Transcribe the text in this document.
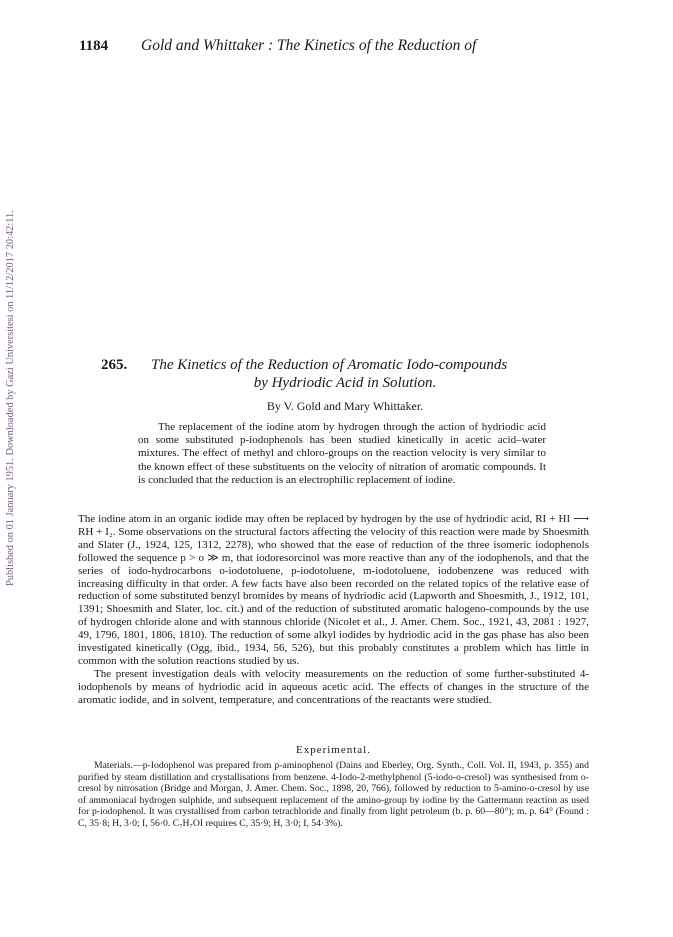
Published on 01 January 1951. Downloaded by Gazi Universitesi on 11/12/2017 20:42:11.
1184	Gold and Whittaker : The Kinetics of the Reduction of
265.	The Kinetics of the Reduction of Aromatic Iodo-compounds
by Hydriodic Acid in Solution.
By V. Gold and Mary Whittaker.

The replacement of the iodine atom by hydrogen through the action of hydriodic acid on some substituted p-iodophenols has been studied kinetically in acetic acid–water mixtures. The effect of methyl and chloro-groups on the reaction velocity is very similar to the known effect of these substituents on the velocity of nitration of aromatic compounds. It is concluded that the reduction is an electrophilic replacement of iodine.

The iodine atom in an organic iodide may often be replaced by hydrogen by the use of hydriodic acid, RI + HI ⟶ RH + I₂. Some observations on the structural factors affecting the velocity of this reaction were made by Shoesmith and Slater (J., 1924, 125, 1312, 2278), who showed that the ease of reduction of the three isomeric iodophenols followed the sequence p > o ≫ m, that iodoresorcinol was more reactive than any of the iodophenols, and that the series of iodo-hydrocarbons o-iodotoluene, p-iodotoluene, m-iodotoluene, iodobenzene was reduced with increasing difficulty in that order. A few facts have also been recorded on the related topics of the relative ease of reduction of some substituted benzyl bromides by means of hydriodic acid (Lapworth and Shoesmith, J., 1912, 101, 1391; Shoesmith and Slater, loc. cit.) and of the reduction of substituted aromatic halogeno-compounds by the use of hydrogen chloride alone and with stannous chloride (Nicolet et al., J. Amer. Chem. Soc., 1921, 43, 2081 : 1927, 49, 1796, 1801, 1806, 1810). The reduction of some alkyl iodides by hydriodic acid in the gas phase has also been investigated kinetically (Ogg, ibid., 1934, 56, 526), but this probably constitutes a problem which has little in common with the solution reactions studied by us.

The present investigation deals with velocity measurements on the reduction of some further-substituted 4-iodophenols by means of hydriodic acid in aqueous acetic acid. The effects of changes in the structure of the aromatic iodide, and in solvent, temperature, and concentrations of the reactants were studied.

Experimental.

Materials.—p-Iodophenol was prepared from p-aminophenol (Dains and Eberley, Org. Synth., Coll. Vol. II, 1943, p. 355) and purified by steam distillation and crystallisations from benzene. 4-Iodo-2-methylphenol (5-iodo-o-cresol) was synthesised from o-cresol by nitrosation (Bridge and Morgan, J. Amer. Chem. Soc., 1898, 20, 766), followed by reduction to 5-amino-o-cresol by use of ammoniacal hydrogen sulphide, and subsequent replacement of the amino-group by iodine by the Gattermann reaction as used for p-iodophenol. It was crystallised from carbon tetrachloride and finally from light petroleum (b. p. 60—80°); m. p. 64° (Found : C, 35·8; H, 3·0; I, 56·0. C₇H₇OI requires C, 35·9; H, 3·0; I, 54·3%).
